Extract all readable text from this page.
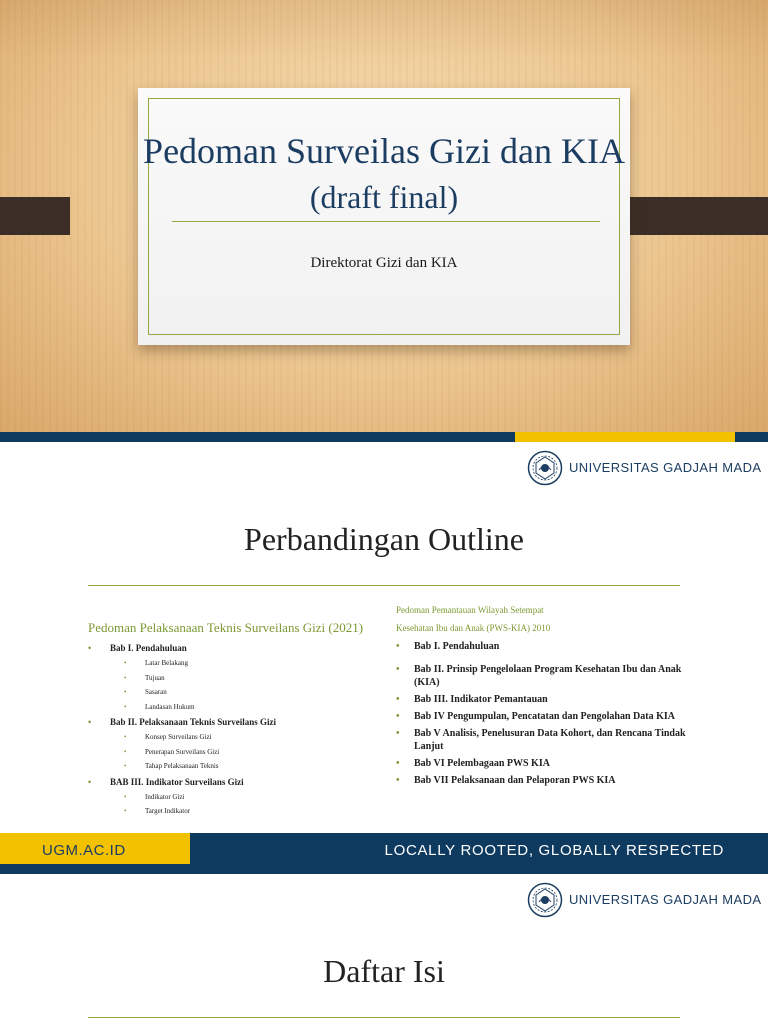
Pedoman Surveilas Gizi dan KIA
(draft final)
Direktorat Gizi dan KIA
UNIVERSITAS GADJAH MADA
Perbandingan Outline
Pedoman Pelaksanaan Teknis Surveilans Gizi (2021)
• Bab I. Pendahuluan
•	Latar Belakang
•	Tujuan
•	Sasaran
•	Landasan Hukum
• Bab II. Pelaksanaan Teknis Surveilans Gizi
•	Konsep Surveilans Gizi
•	Penerapan Surveilans Gizi
•	Tahap Pelaksanaan Teknis
• BAB III. Indikator Surveilans Gizi
•	Indikator Gizi
•	Target Indikator
Pedoman Pemantauan Wilayah Setempat
Kesehatan Ibu dan Anak (PWS-KIA) 2010
• Bab I. Pendahuluan
• Bab II. Prinsip Pengelolaan Program Kesehatan Ibu dan Anak (KIA)
• Bab III. Indikator Pemantauan
• Bab IV Pengumpulan, Pencatatan dan Pengolahan Data KIA
• Bab V Analisis, Penelusuran Data Kohort, dan Rencana Tindak Lanjut
• Bab VI Pelembagaan PWS KIA
• Bab VII Pelaksanaan dan Pelaporan PWS KIA
UGM.AC.ID	LOCALLY ROOTED, GLOBALLY RESPECTED
UNIVERSITAS GADJAH MADA
Daftar Isi
